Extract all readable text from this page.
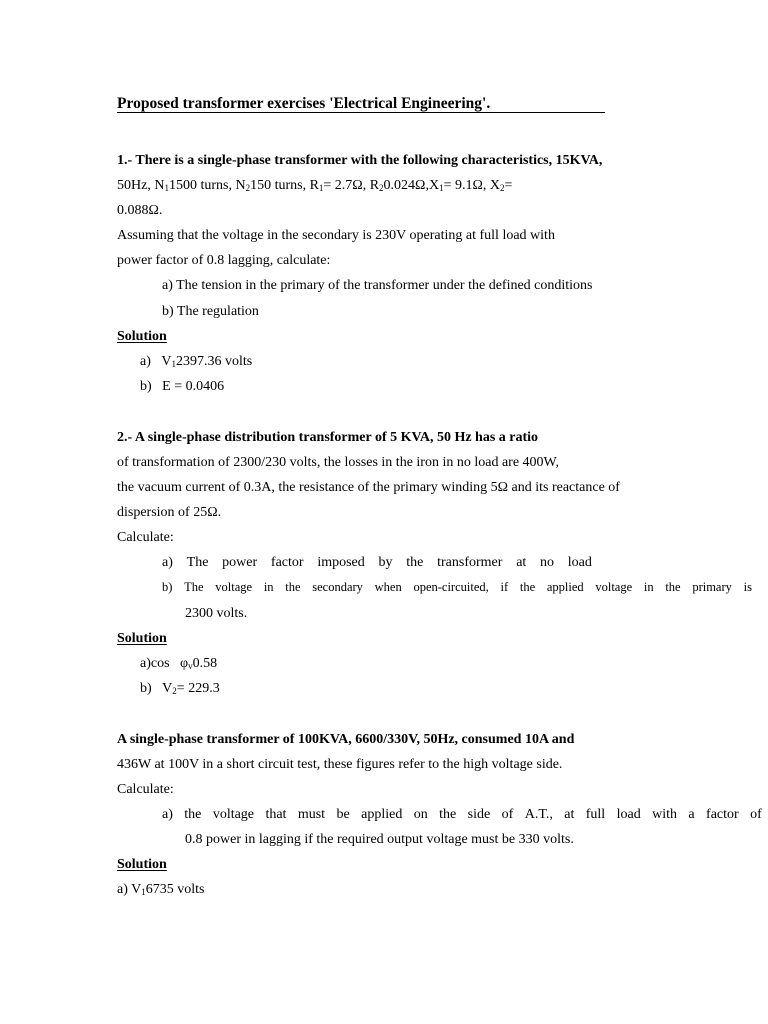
Proposed transformer exercises 'Electrical Engineering'.
1.- There is a single-phase transformer with the following characteristics, 15KVA,
50Hz, $N_11500$ turns, $N_2150$ turns, $R_1= 2.7\Omega$, $R_20.024\Omega,X_1= 9.1\Omega$, $X_2=$
0.088Ω.
Assuming that the voltage in the secondary is 230V operating at full load with
power factor of 0.8 lagging, calculate:
a) The tension in the primary of the transformer under the defined conditions
b) The regulation
Solution
a) $V_12397.36$ volts
b) E = 0.0406
2.- A single-phase distribution transformer of 5 KVA, 50 Hz has a ratio
of transformation of 2300/230 volts, the losses in the iron in no load are 400W,
the vacuum current of 0.3A, the resistance of the primary winding 5Ω and its reactance of
dispersion of 25Ω.
Calculate:
a) The power factor imposed by the transformer at no load
b) The voltage in the secondary when open-circuited, if the applied voltage in the primary is
2300 volts.
Solution
a)cos $\varphi_v0.58$
b) $V_2= 229.3$
A single-phase transformer of 100KVA, 6600/330V, 50Hz, consumed 10A and
436W at 100V in a short circuit test, these figures refer to the high voltage side.
Calculate:
a) the voltage that must be applied on the side of A.T., at full load with a factor of
0.8 power in lagging if the required output voltage must be 330 volts.
Solution
a) $V_16735$ volts
